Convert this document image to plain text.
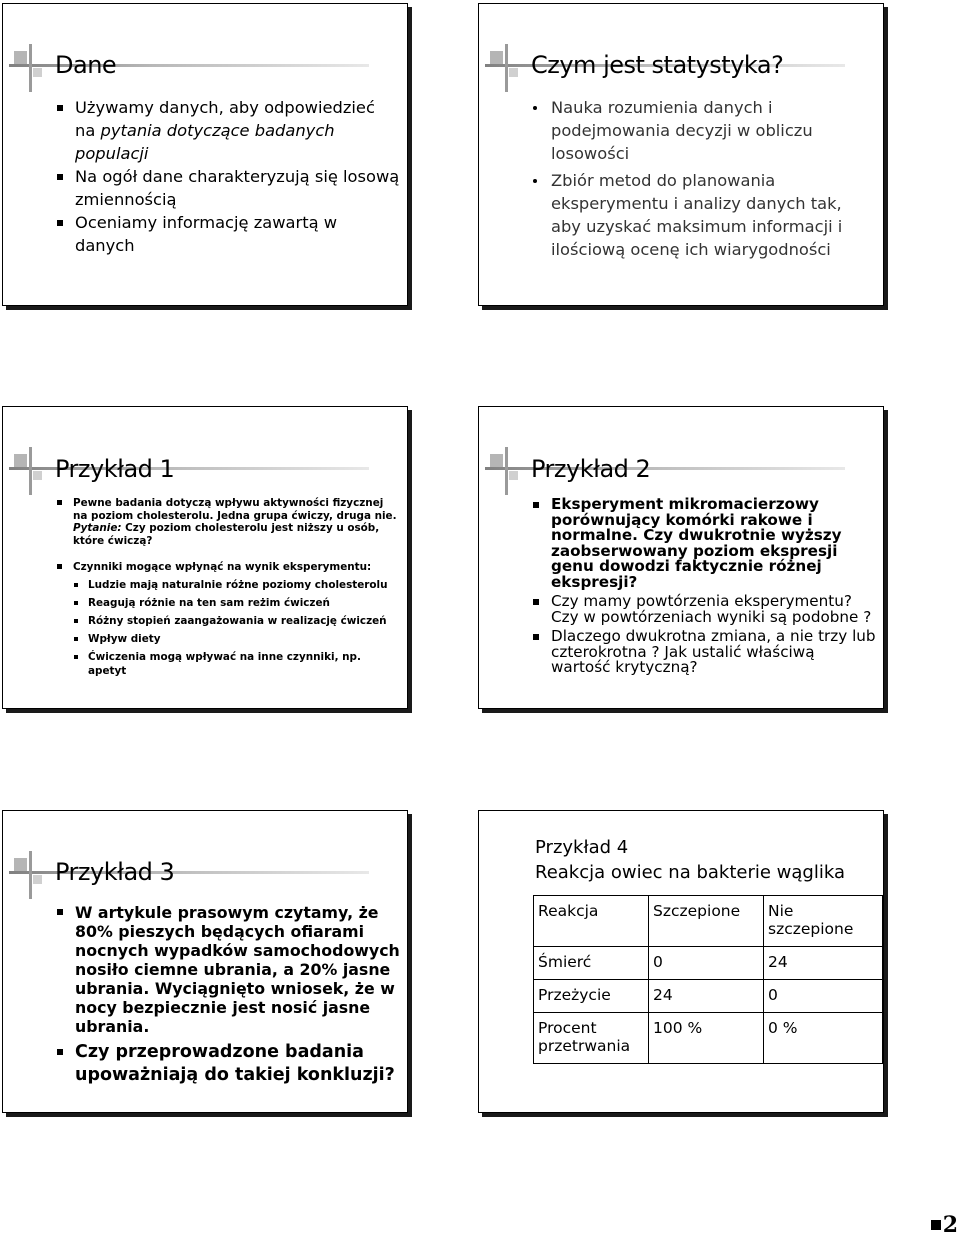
Dane
Używamy danych, aby odpowiedzieć na pytania dotyczące badanych populacji
Na ogół dane charakteryzują się losową zmiennością
Oceniamy informację zawartą w danych
Czym jest statystyka?
Nauka rozumienia danych i podejmowania decyzji w obliczu losowości
Zbiór metod do planowania eksperymentu i analizy danych tak, aby uzyskać maksimum informacji i ilościową ocenę ich wiarygodności
Przykład 1
Pewne badania dotyczą wpływu aktywności fizycznej na poziom cholesterolu. Jedna grupa ćwiczy, druga nie. Pytanie: Czy poziom cholesterolu jest niższy u osób, które ćwiczą?
Czynniki mogące wpłynąć na wynik eksperymentu:
Ludzie mają naturalnie różne poziomy cholesterolu
Reagują różnie na ten sam reżim ćwiczeń
Różny stopień zaangażowania w realizację ćwiczeń
Wpływ diety
Ćwiczenia mogą wpływać na inne czynniki, np. apetyt
Przykład 2
Eksperyment mikromacierzowy porównujący komórki rakowe i normalne. Czy dwukrotnie wyższy zaobserwowany poziom ekspresji genu dowodzi faktycznie różnej ekspresji?
Czy mamy powtórzenia eksperymentu? Czy w powtórzeniach wyniki są podobne ?
Dlaczego dwukrotna zmiana, a nie trzy lub czterokrotna ? Jak ustalić właściwą wartość krytyczną?
Przykład 3
W artykule prasowym czytamy, że 80% pieszych będących ofiarami nocnych wypadków samochodowych nosiło ciemne ubrania, a 20% jasne ubrania. Wyciągnięto wniosek, że w nocy bezpiecznie jest nosić jasne ubrania.
Czy przeprowadzone badania upoważniają do takiej konkluzji?
Przykład 4
Reakcja owiec na bakterie wąglika
Reakcja	Szczepione	Nie szczepione
Śmierć	0	24
Przeżycie	24	0
Procent przetrwania	100 %	0 %
2
